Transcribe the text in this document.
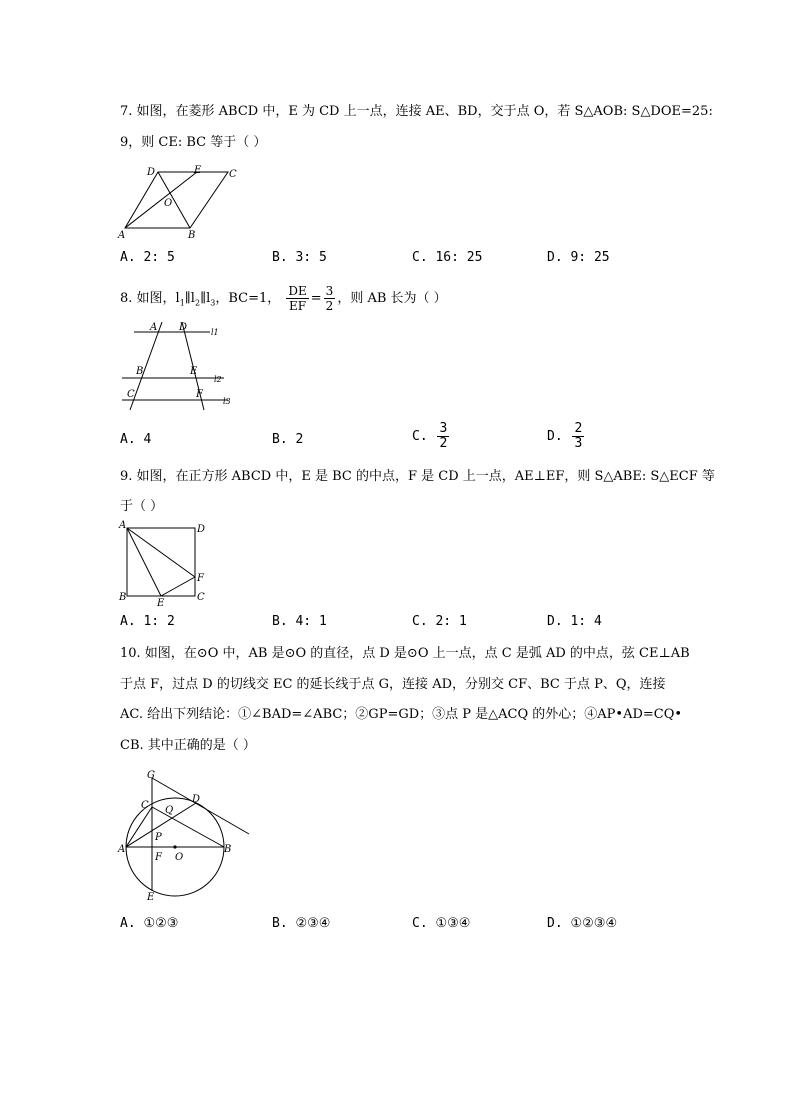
7. 如图，在菱形 ABCD 中，E 为 CD 上一点，连接 AE、BD，交于点 O，若 S△AOB: S△DOE=25:
9，则 CE: BC 等于（ ）
A	B
C
D	E
O
A. 2: 5	B. 3: 5	C. 16: 25	D. 9: 25
8. 如图，$l_1\parallel l_2\parallel l_3$，BC=1， $\frac{DE}{EF} = \frac{3}{2}$ ，则 AB 长为（ ）
A D
B	E
C	F
l1
l2
l3
A. 4	B. 2	C. $\frac{3}{2}$	D. $\frac{2}{3}$
9. 如图，在正方形 ABCD 中，E 是 BC 的中点，F 是 CD 上一点，AE⊥EF，则 S△ABE: S△ECF 等
于（ ）
A	D
B	C
E
F
A. 1: 2	B. 4: 1	C. 2: 1	D. 1: 4
10. 如图，在⊙O 中，AB 是⊙O 的直径，点 D 是⊙O 上一点，点 C 是弧 AD 的中点，弦 CE⊥AB
于点 F，过点 D 的切线交 EC 的延长线于点 G，连接 AD，分别交 CF、BC 于点 P、Q，连接
AC. 给出下列结论：①∠BAD=∠ABC；②GP=GD；③点 P 是△ACQ 的外心；④AP•AD=CQ•
CB. 其中正确的是（ ）
G
C Q
D
A
P
F O
B
E
A. ①②③	B. ②③④	C. ①③④	D. ①②③④
